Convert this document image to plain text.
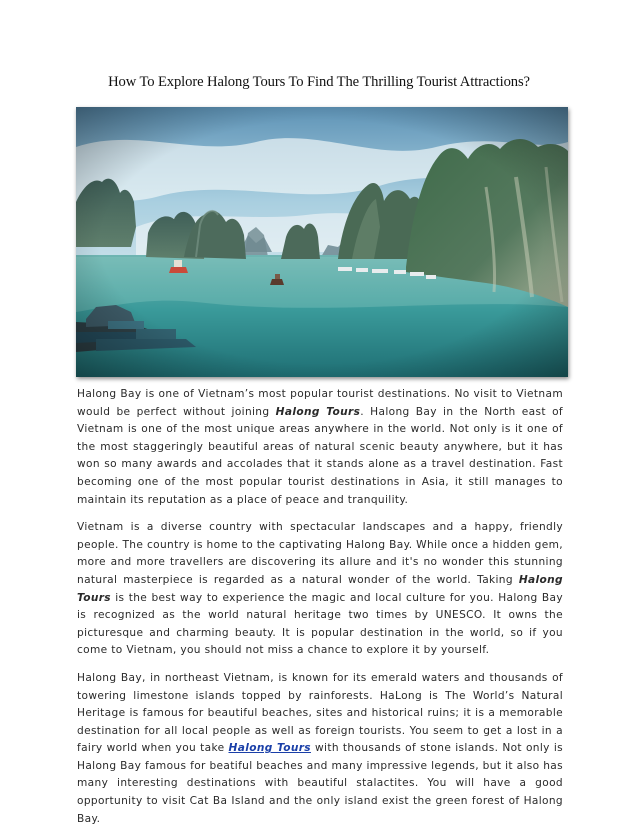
How To Explore Halong Tours To Find The Thrilling Tourist Attractions?

Halong Bay is one of Vietnam’s most popular tourist destinations. No visit to Vietnam would be perfect without joining Halong Tours. Halong Bay in the North east of Vietnam is one of the most unique areas anywhere in the world. Not only is it one of the most staggeringly beautiful areas of natural scenic beauty anywhere, but it has won so many awards and accolades that it stands alone as a travel destination. Fast becoming one of the most popular tourist destinations in Asia, it still manages to maintain its reputation as a place of peace and tranquility.

Vietnam is a diverse country with spectacular landscapes and a happy, friendly people. The country is home to the captivating Halong Bay. While once a hidden gem, more and more travellers are discovering its allure and it's no wonder this stunning natural masterpiece is regarded as a natural wonder of the world. Taking Halong Tours is the best way to experience the magic and local culture for you. Halong Bay is recognized as the world natural heritage two times by UNESCO. It owns the picturesque and charming beauty. It is popular destination in the world, so if you come to Vietnam, you should not miss a chance to explore it by yourself.

Halong Bay, in northeast Vietnam, is known for its emerald waters and thousands of towering limestone islands topped by rainforests. HaLong is The World’s Natural Heritage is famous for beautiful beaches, sites and historical ruins; it is a memorable destination for all local people as well as foreign tourists. You seem to get a lost in a fairy world when you take Halong Tours with thousands of stone islands. Not only is Halong Bay famous for beatiful beaches and many impressive legends, but it also has many interesting destinations with beautiful stalactites. You will have a good opportunity to visit Cat Ba Island and the only island exist the green forest of Halong Bay.
